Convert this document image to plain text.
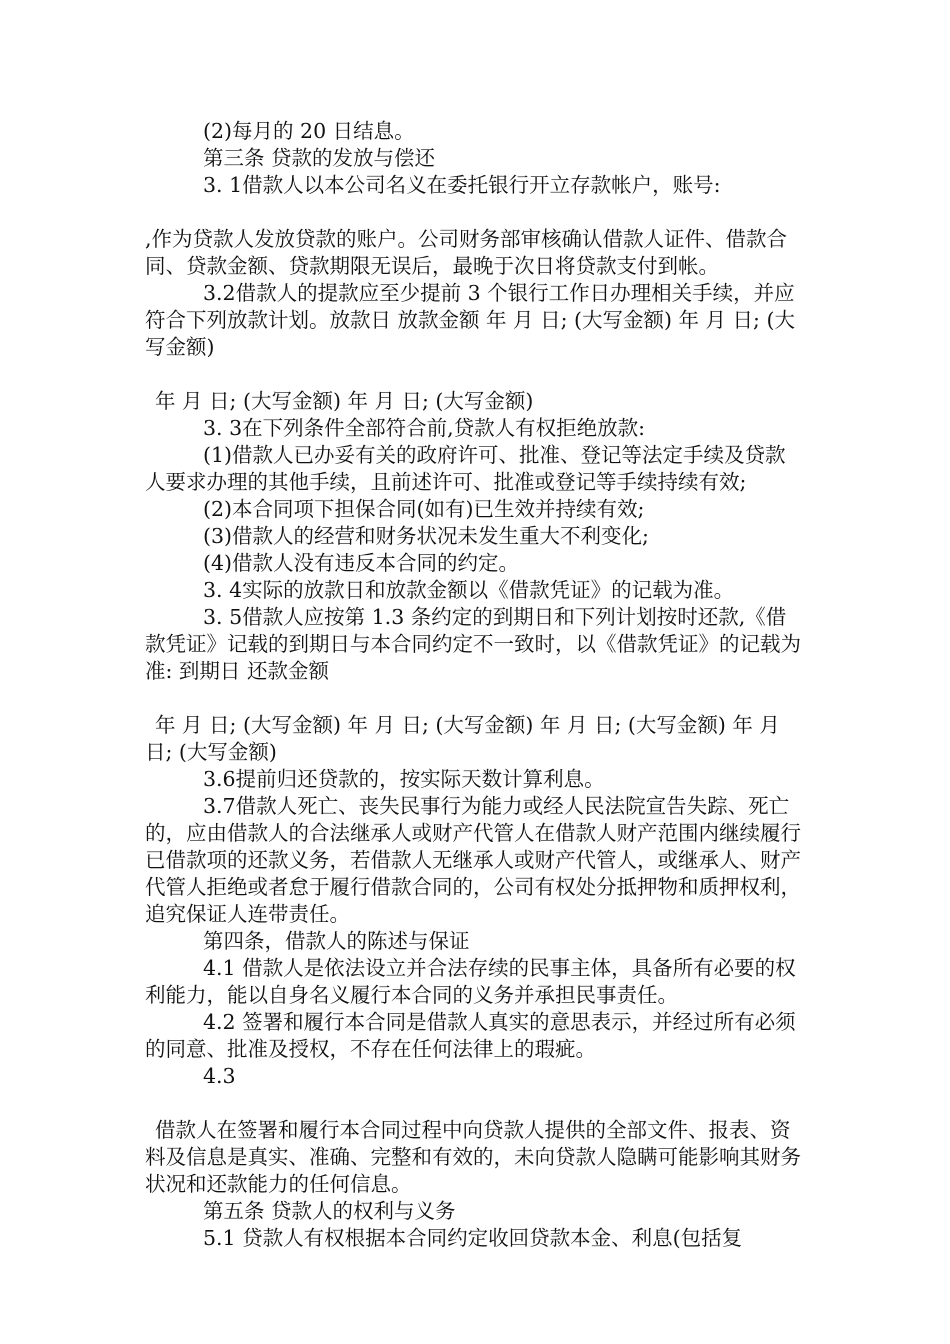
(2)每月的 20 日结息。

第三条 贷款的发放与偿还

3. 1借款人以本公司名义在委托银行开立存款帐户，账号:

,作为贷款人发放贷款的账户。公司财务部审核确认借款人证件、借款合同、贷款金额、贷款期限无误后，最晚于次日将贷款支付到帐。

3.2借款人的提款应至少提前 3 个银行工作日办理相关手续，并应符合下列放款计划。放款日 放款金额 年 月 日; (大写金额) 年 月 日; (大写金额)

年 月 日; (大写金额) 年 月 日; (大写金额)

3. 3在下列条件全部符合前,贷款人有权拒绝放款:

(1)借款人已办妥有关的政府许可、批准、登记等法定手续及贷款人要求办理的其他手续，且前述许可、批准或登记等手续持续有效;

(2)本合同项下担保合同(如有)已生效并持续有效;

(3)借款人的经营和财务状况未发生重大不利变化;

(4)借款人没有违反本合同的约定。

3. 4实际的放款日和放款金额以《借款凭证》的记载为准。

3. 5借款人应按第 1.3 条约定的到期日和下列计划按时还款,《借款凭证》记载的到期日与本合同约定不一致时，以《借款凭证》的记载为准: 到期日 还款金额

年 月 日; (大写金额) 年 月 日; (大写金额) 年 月 日; (大写金额) 年 月 日; (大写金额)

3.6提前归还贷款的，按实际天数计算利息。

3.7借款人死亡、丧失民事行为能力或经人民法院宣告失踪、死亡的，应由借款人的合法继承人或财产代管人在借款人财产范围内继续履行已借款项的还款义务，若借款人无继承人或财产代管人，或继承人、财产代管人拒绝或者怠于履行借款合同的，公司有权处分抵押物和质押权利，追究保证人连带责任。

第四条，借款人的陈述与保证

4.1 借款人是依法设立并合法存续的民事主体，具备所有必要的权利能力，能以自身名义履行本合同的义务并承担民事责任。

4.2 签署和履行本合同是借款人真实的意思表示，并经过所有必须的同意、批准及授权，不存在任何法律上的瑕疵。

4.3

借款人在签署和履行本合同过程中向贷款人提供的全部文件、报表、资料及信息是真实、准确、完整和有效的，未向贷款人隐瞒可能影响其财务状况和还款能力的任何信息。

第五条 贷款人的权利与义务

5.1 贷款人有权根据本合同约定收回贷款本金、利息(包括复
